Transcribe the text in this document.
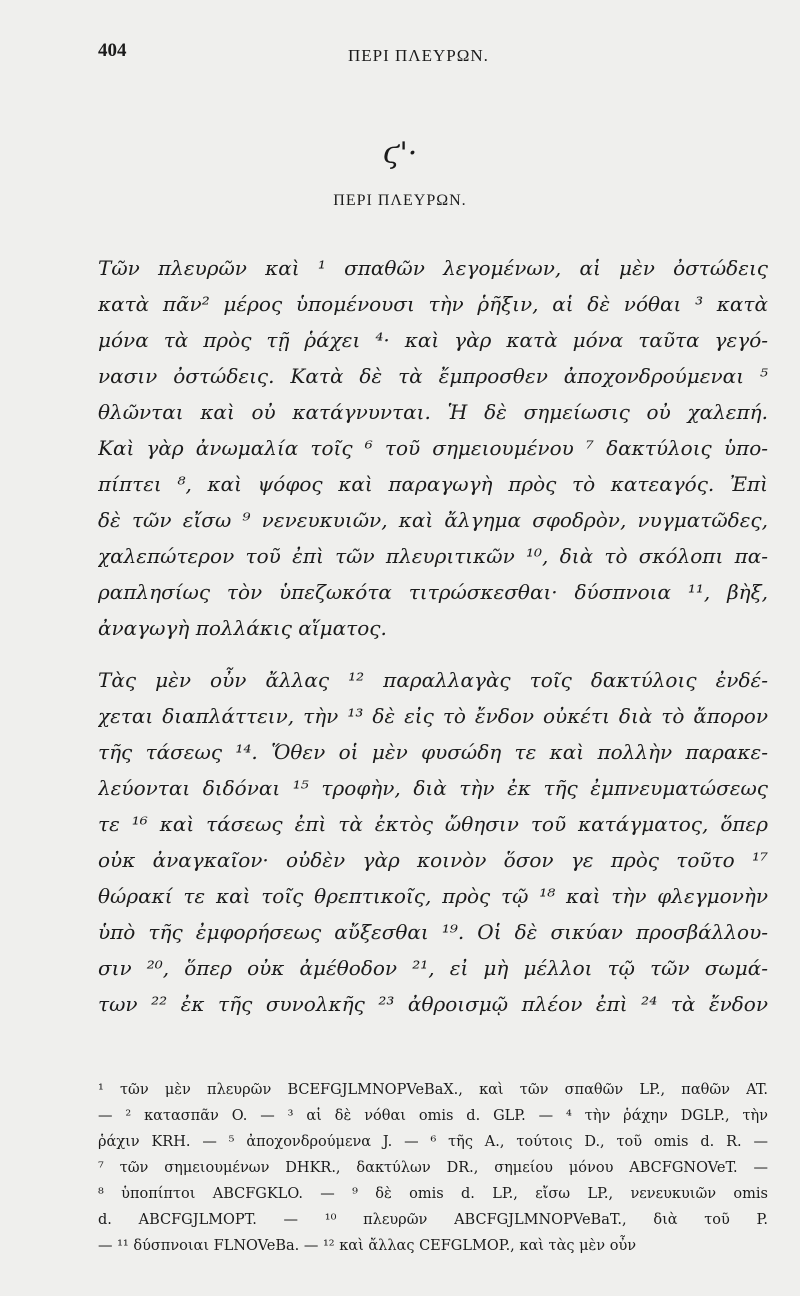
404	ΠΕΡΙ ΠΛΕΥΡΩΝ.
ϛ'·
ΠΕΡΙ ΠΛΕΥΡΩΝ.
Τῶν πλευρῶν καὶ ¹ σπαθῶν λεγομένων, αἱ μὲν ὀστώδεις
κατὰ πᾶν² μέρος ὑπομένουσι τὴν ῥῆξιν, αἱ δὲ νόθαι ³ κατὰ
μόνα τὰ πρὸς τῇ ῥάχει ⁴· καὶ γὰρ κατὰ μόνα ταῦτα γεγό-
νασιν ὀστώδεις. Κατὰ δὲ τὰ ἔμπροσθεν ἀποχονδρούμεναι ⁵
θλῶνται καὶ οὐ κατάγνυνται. Ἡ δὲ σημείωσις οὐ χαλεπή.
Καὶ γὰρ ἀνωμαλία τοῖς ⁶ τοῦ σημειουμένου ⁷ δακτύλοις ὑπο-
πίπτει ⁸, καὶ ψόφος καὶ παραγωγὴ πρὸς τὸ κατεαγός. Ἐπὶ
δὲ τῶν εἴσω ⁹ νενευκυιῶν, καὶ ἄλγημα σφοδρὸν, νυγματῶδες,
χαλεπώτερον τοῦ ἐπὶ τῶν πλευριτικῶν ¹⁰, διὰ τὸ σκόλοπι πα-
ραπλησίως τὸν ὑπεζωκότα τιτρώσκεσθαι· δύσπνοια ¹¹, βὴξ,
ἀναγωγὴ πολλάκις αἵματος.
Τὰς μὲν οὖν ἄλλας ¹² παραλλαγὰς τοῖς δακτύλοις ἐνδέ-
χεται διαπλάττειν, τὴν ¹³ δὲ εἰς τὸ ἔνδον οὐκέτι διὰ τὸ ἄπορον
τῆς τάσεως ¹⁴. Ὅθεν οἱ μὲν φυσώδη τε καὶ πολλὴν παρακε-
λεύονται διδόναι ¹⁵ τροφὴν, διὰ τὴν ἐκ τῆς ἐμπνευματώσεως
τε ¹⁶ καὶ τάσεως ἐπὶ τὰ ἐκτὸς ὤθησιν τοῦ κατάγματος, ὅπερ
οὐκ ἀναγκαῖον· οὐδὲν γὰρ κοινὸν ὅσον γε πρὸς τοῦτο ¹⁷
θώρακί τε καὶ τοῖς θρεπτικοῖς, πρὸς τῷ ¹⁸ καὶ τὴν φλεγμονὴν
ὑπὸ τῆς ἐμφορήσεως αὔξεσθαι ¹⁹. Οἱ δὲ σικύαν προσβάλλου-
σιν ²⁰, ὅπερ οὐκ ἀμέθοδον ²¹, εἰ μὴ μέλλοι τῷ τῶν σωμά-
των ²² ἐκ τῆς συνολκῆς ²³ ἀθροισμῷ πλέον ἐπὶ ²⁴ τὰ ἔνδον
¹ τῶν μὲν πλευρῶν BCEFGJLMNOPVeBaX., καὶ τῶν σπαθῶν LP., παθῶν AT.
— ² κατασπᾶν O. — ³ αἱ δὲ νόθαι omis d. GLP. — ⁴ τὴν ῥάχην DGLP., τὴν
ῥάχιν KRH. — ⁵ ἀποχονδρούμενα J. — ⁶ τῆς A., τούτοις D., τοῦ omis d. R. —
⁷ τῶν σημειουμένων DHKR., δακτύλων DR., σημείου μόνου ABCFGNOVeT. —
⁸ ὑποπίπτοι ABCFGKLO. — ⁹ δὲ omis d. LP., εἴσω LP., νενευκυιῶν omis
d. ABCFGJLMOPT. — ¹⁰ πλευρῶν ABCFGJLMNOPVeBaT., διὰ τοῦ P.
— ¹¹ δύσπνοιαι FLNOVeBa. — ¹² καὶ ἄλλας CEFGLMOP., καὶ τὰς μὲν οὖν
